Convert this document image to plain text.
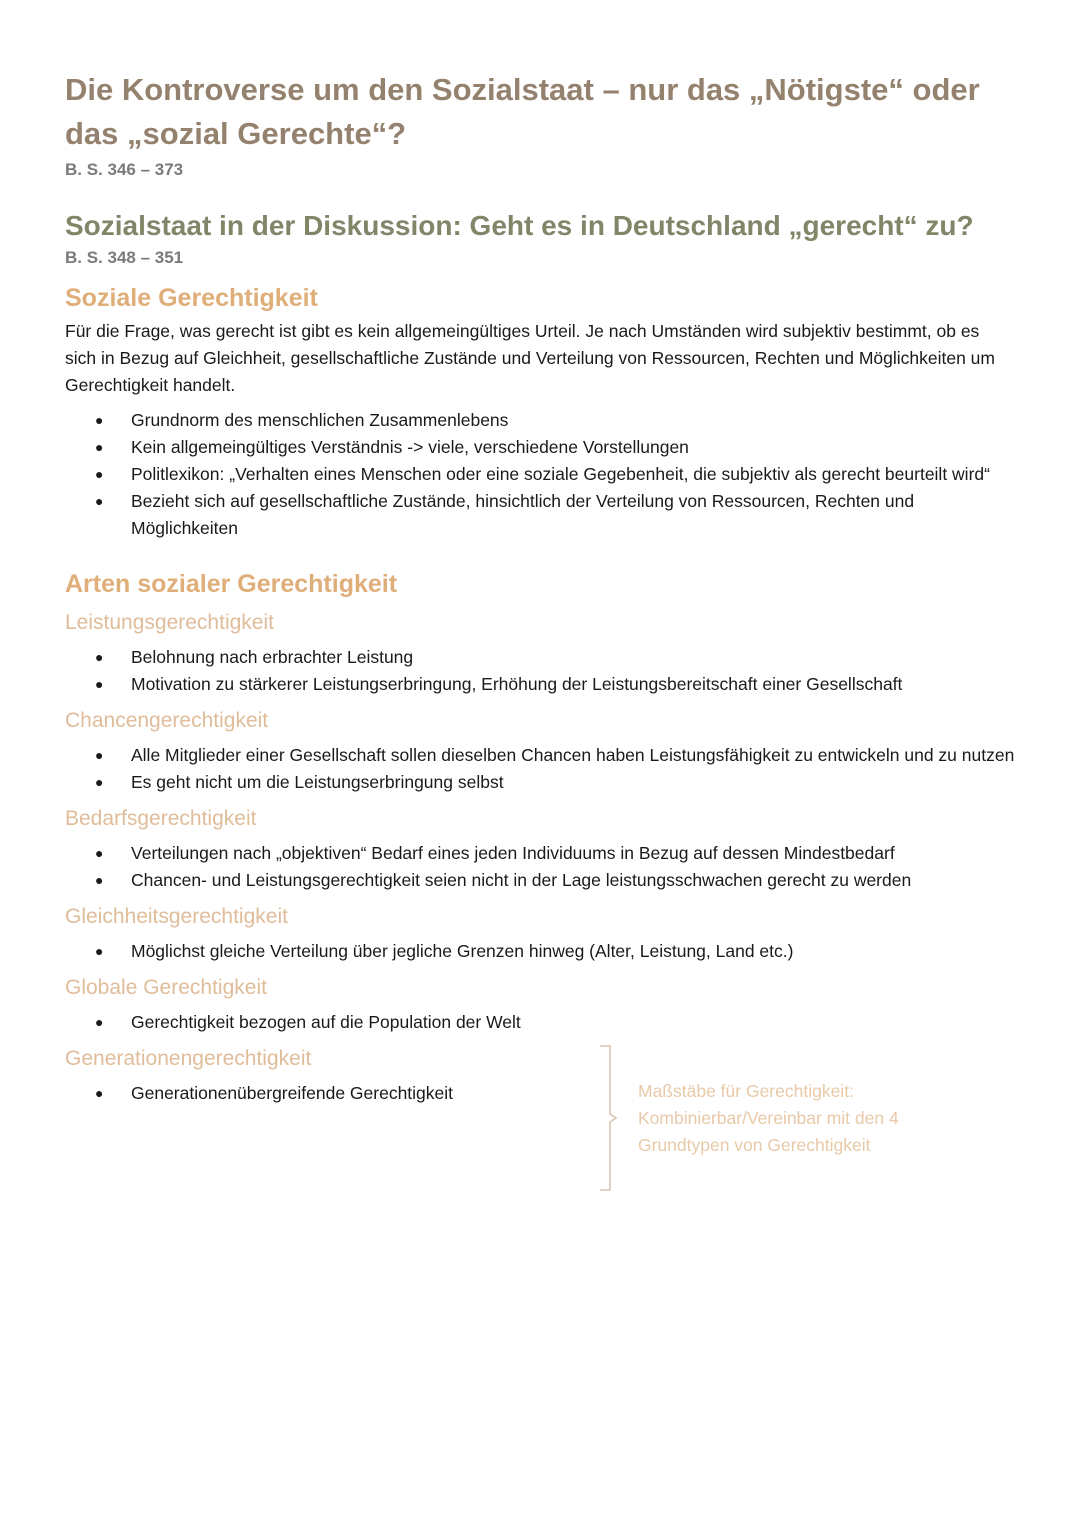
Die Kontroverse um den Sozialstaat – nur das „Nötigste“ oder das „sozial Gerechte“?
B. S. 346 – 373
Sozialstaat in der Diskussion: Geht es in Deutschland „gerecht“ zu?
B. S. 348 – 351
Soziale Gerechtigkeit

Für die Frage, was gerecht ist gibt es kein allgemeingültiges Urteil. Je nach Umständen wird subjektiv bestimmt, ob es sich in Bezug auf Gleichheit, gesellschaftliche Zustände und Verteilung von Ressourcen, Rechten und Möglichkeiten um Gerechtigkeit handelt.

● Grundnorm des menschlichen Zusammenlebens
● Kein allgemeingültiges Verständnis -> viele, verschiedene Vorstellungen
● Politlexikon: „Verhalten eines Menschen oder eine soziale Gegebenheit, die subjektiv als gerecht beurteilt wird“
● Bezieht sich auf gesellschaftliche Zustände, hinsichtlich der Verteilung von Ressourcen, Rechten und Möglichkeiten
Arten sozialer Gerechtigkeit
Leistungsgerechtigkeit
● Belohnung nach erbrachter Leistung
● Motivation zu stärkerer Leistungserbringung, Erhöhung der Leistungsbereitschaft einer Gesellschaft
Chancengerechtigkeit
● Alle Mitglieder einer Gesellschaft sollen dieselben Chancen haben Leistungsfähigkeit zu entwickeln und zu nutzen
● Es geht nicht um die Leistungserbringung selbst
Bedarfsgerechtigkeit
● Verteilungen nach „objektiven“ Bedarf eines jeden Individuums in Bezug auf dessen Mindestbedarf
● Chancen- und Leistungsgerechtigkeit seien nicht in der Lage leistungsschwachen gerecht zu werden
Gleichheitsgerechtigkeit
● Möglichst gleiche Verteilung über jegliche Grenzen hinweg (Alter, Leistung, Land etc.)
Globale Gerechtigkeit
● Gerechtigkeit bezogen auf die Population der Welt
Generationengerechtigkeit
● Generationenübergreifende Gerechtigkeit	Maßstäbe für Gerechtigkeit: Kombinierbar/Vereinbar mit den 4 Grundtypen von Gerechtigkeit
